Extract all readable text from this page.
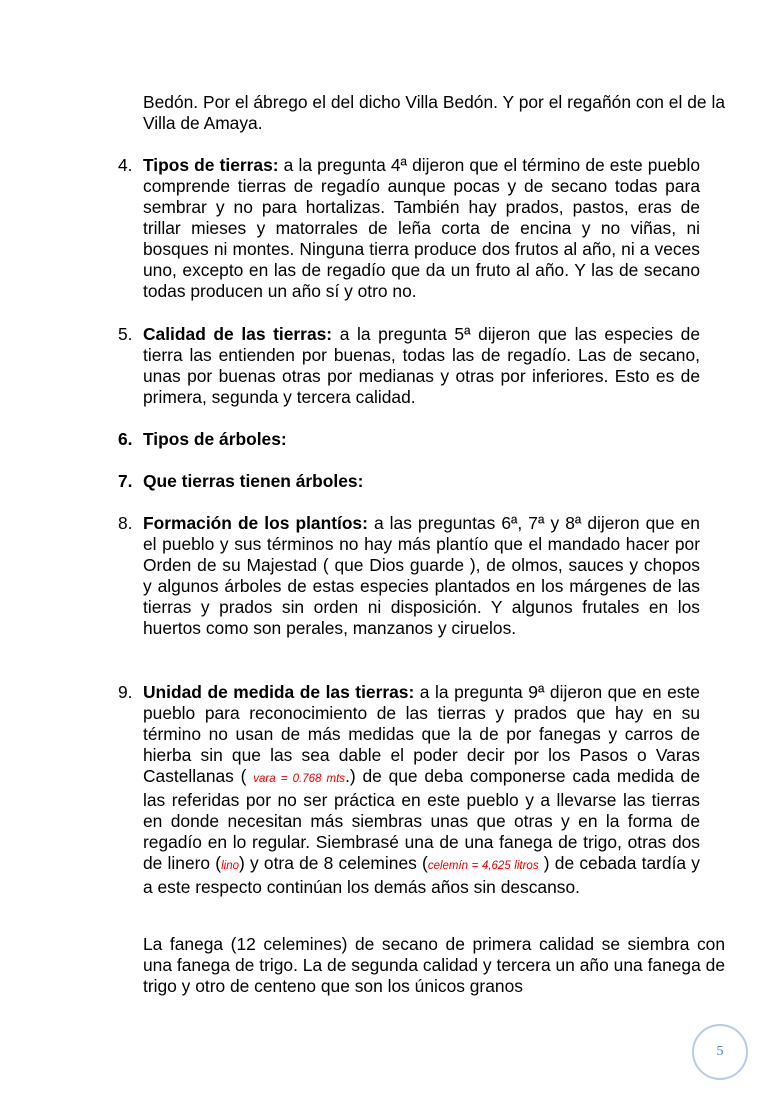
Bedón. Por el ábrego el del dicho Villa Bedón. Y por el regañón con el de la Villa de Amaya.

4. Tipos de tierras: a la pregunta 4ª dijeron que el término de este pueblo comprende tierras de regadío aunque pocas y de secano todas para sembrar y no para hortalizas. También hay prados, pastos, eras de trillar mieses y matorrales de leña corta de encina y no viñas, ni bosques ni montes. Ninguna tierra produce dos frutos al año, ni a veces uno, excepto en las de regadío que da un fruto al año. Y las de secano todas producen un año sí y otro no.
5. Calidad de las tierras: a la pregunta 5ª dijeron que las especies de tierra las entienden por buenas, todas las de regadío. Las de secano, unas por buenas otras por medianas y otras por inferiores. Esto es de primera, segunda y tercera calidad.
6. Tipos de árboles:
7. Que tierras tienen árboles:
8. Formación de los plantíos: a las preguntas 6ª, 7ª y 8ª dijeron que en el pueblo y sus términos no hay más plantío que el mandado hacer por Orden de su Majestad ( que Dios guarde ), de olmos, sauces y chopos y algunos árboles de estas especies plantados en los márgenes de las tierras y prados sin orden ni disposición. Y algunos frutales en los huertos como son perales, manzanos y ciruelos.
9. Unidad de medida de las tierras: a la pregunta 9ª dijeron que en este pueblo para reconocimiento de las tierras y prados que hay en su término no usan de más medidas que la de por fanegas y carros de hierba sin que las sea dable el poder decir por los Pasos o Varas Castellanas ( vara = 0.768 mts.) de que deba componerse cada medida de las referidas por no ser práctica en este pueblo y a llevarse las tierras en donde necesitan más siembras unas que otras y en la forma de regadío en lo regular. Siembrasé una de una fanega de trigo, otras dos de linero (lino) y otra de 8 celemines (celemín = 4,625 litros ) de cebada tardía y a este respecto continúan los demás años sin descanso.

La fanega (12 celemines) de secano de primera calidad se siembra con una fanega de trigo. La de segunda calidad y tercera un año una fanega de trigo y otro de centeno que son los únicos granos

5
